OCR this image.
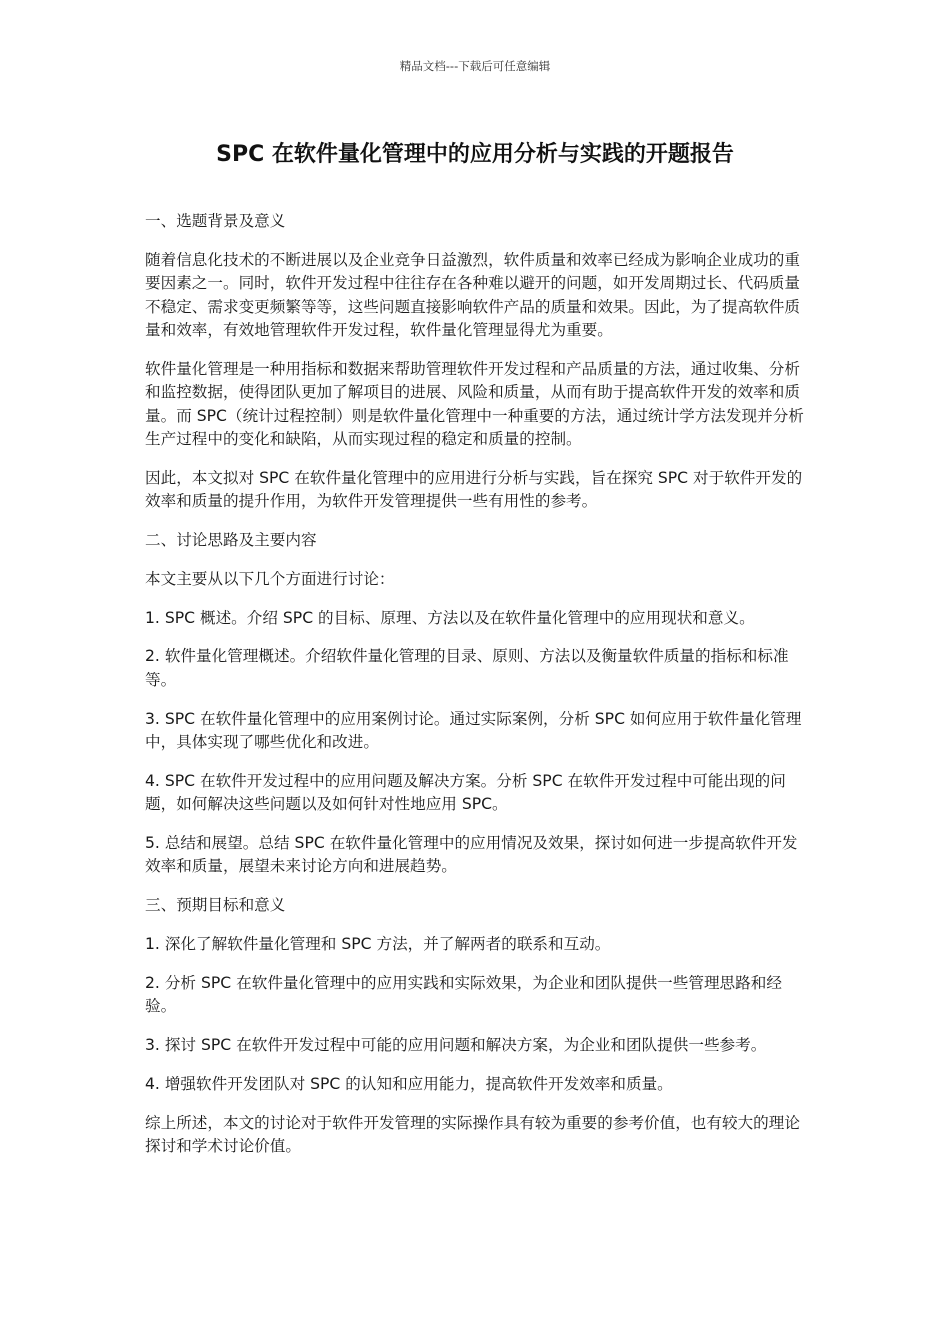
精品文档---下载后可任意编辑
SPC 在软件量化管理中的应用分析与实践的开题报告
一、选题背景及意义
随着信息化技术的不断进展以及企业竞争日益激烈，软件质量和效率已经成为影响企业成功的重要因素之一。同时，软件开发过程中往往存在各种难以避开的问题，如开发周期过长、代码质量不稳定、需求变更频繁等等，这些问题直接影响软件产品的质量和效果。因此，为了提高软件质量和效率，有效地管理软件开发过程，软件量化管理显得尤为重要。
软件量化管理是一种用指标和数据来帮助管理软件开发过程和产品质量的方法，通过收集、分析和监控数据，使得团队更加了解项目的进展、风险和质量，从而有助于提高软件开发的效率和质量。而 SPC（统计过程控制）则是软件量化管理中一种重要的方法，通过统计学方法发现并分析生产过程中的变化和缺陷，从而实现过程的稳定和质量的控制。
因此，本文拟对 SPC 在软件量化管理中的应用进行分析与实践，旨在探究 SPC 对于软件开发的效率和质量的提升作用，为软件开发管理提供一些有用性的参考。
二、讨论思路及主要内容
本文主要从以下几个方面进行讨论：
1. SPC 概述。介绍 SPC 的目标、原理、方法以及在软件量化管理中的应用现状和意义。
2. 软件量化管理概述。介绍软件量化管理的目录、原则、方法以及衡量软件质量的指标和标准等。
3. SPC 在软件量化管理中的应用案例讨论。通过实际案例，分析 SPC 如何应用于软件量化管理中，具体实现了哪些优化和改进。
4. SPC 在软件开发过程中的应用问题及解决方案。分析 SPC 在软件开发过程中可能出现的问题，如何解决这些问题以及如何针对性地应用 SPC。
5. 总结和展望。总结 SPC 在软件量化管理中的应用情况及效果，探讨如何进一步提高软件开发效率和质量，展望未来讨论方向和进展趋势。
三、预期目标和意义
1. 深化了解软件量化管理和 SPC 方法，并了解两者的联系和互动。
2. 分析 SPC 在软件量化管理中的应用实践和实际效果，为企业和团队提供一些管理思路和经验。
3. 探讨 SPC 在软件开发过程中可能的应用问题和解决方案，为企业和团队提供一些参考。
4. 增强软件开发团队对 SPC 的认知和应用能力，提高软件开发效率和质量。
综上所述，本文的讨论对于软件开发管理的实际操作具有较为重要的参考价值，也有较大的理论探讨和学术讨论价值。
